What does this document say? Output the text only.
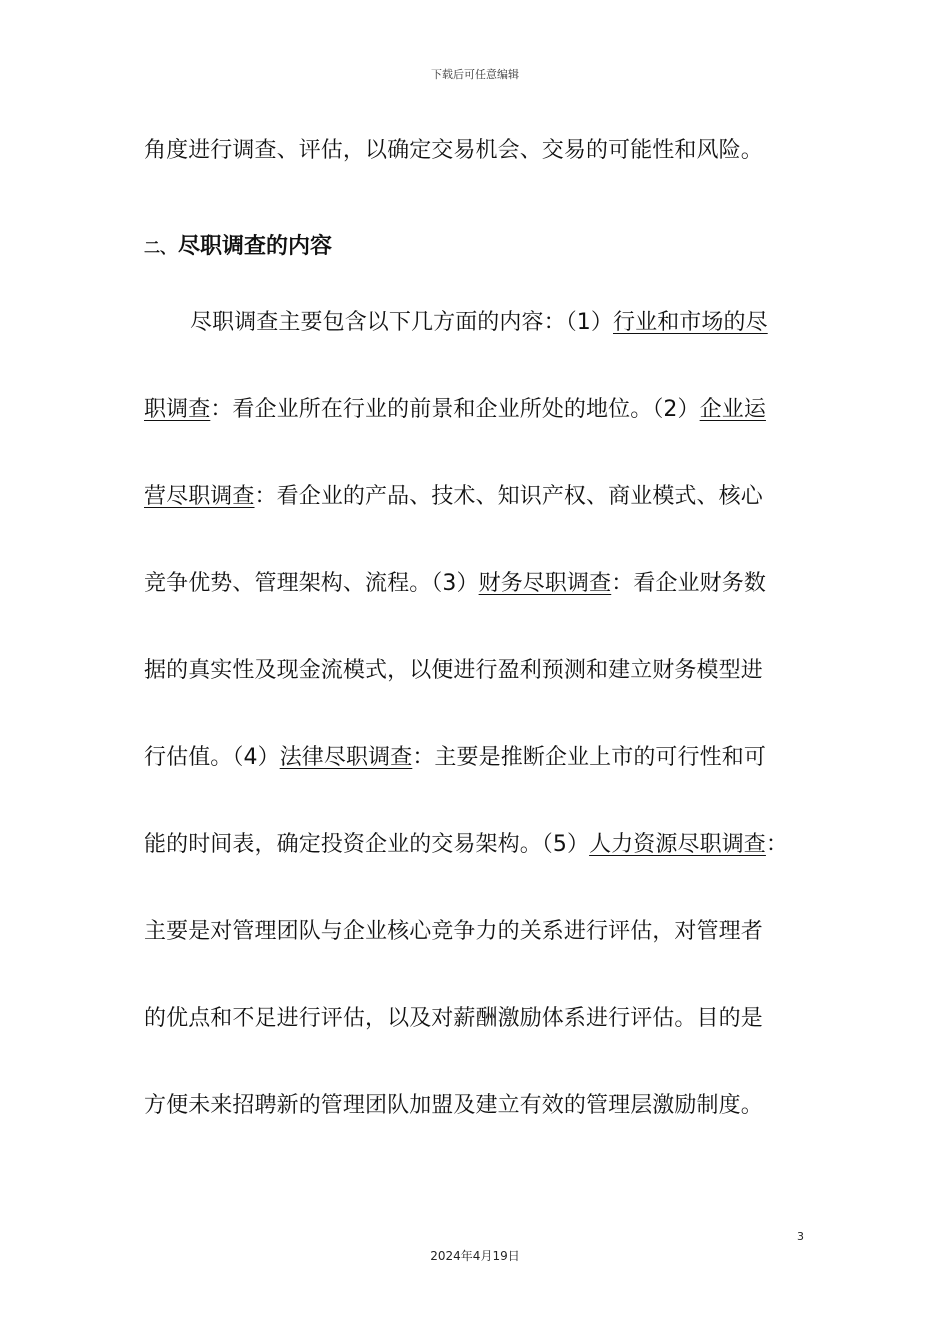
下载后可任意编辑
角度进行调查、评估，以确定交易机会、交易的可能性和风险。
二、尽职调查的内容
尽职调查主要包含以下几方面的内容：（1）行业和市场的尽
职调查：看企业所在行业的前景和企业所处的地位。（2）企业运
营尽职调查：看企业的产品、技术、知识产权、商业模式、核心
竞争优势、管理架构、流程。（3）财务尽职调查：看企业财务数
据的真实性及现金流模式，以便进行盈利预测和建立财务模型进
行估值。（4）法律尽职调查：主要是推断企业上市的可行性和可
能的时间表，确定投资企业的交易架构。（5）人力资源尽职调查：
主要是对管理团队与企业核心竞争力的关系进行评估，对管理者
的优点和不足进行评估，以及对薪酬激励体系进行评估。目的是
方便未来招聘新的管理团队加盟及建立有效的管理层激励制度。
3
2024年4月19日
